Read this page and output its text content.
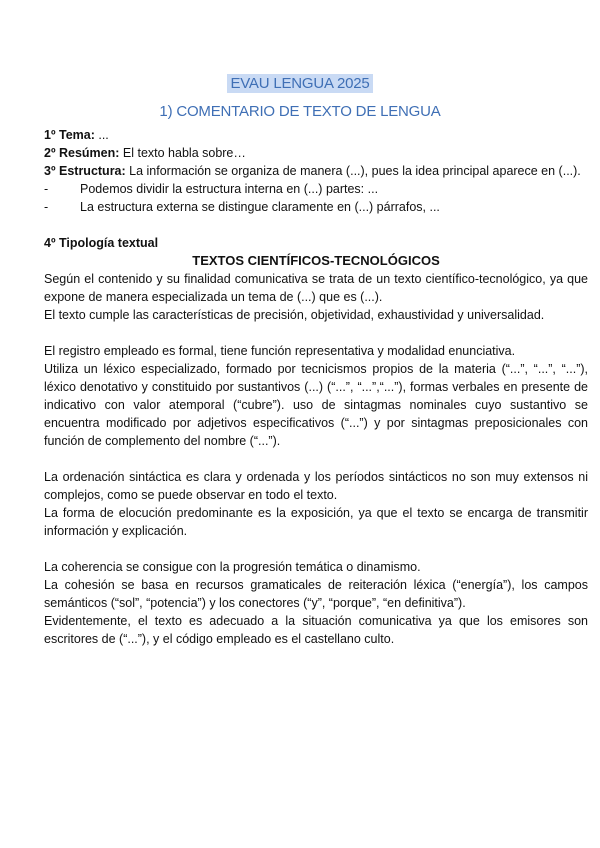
EVAU LENGUA 2025
1) COMENTARIO DE TEXTO DE LENGUA

1º Tema: ...

2º Resúmen: El texto habla sobre…

3º Estructura: La información se organiza de manera (...), pues la idea principal aparece en (...).

- Podemos dividir la estructura interna en (...) partes: ...

- La estructura externa se distingue claramente en (...) párrafos, ...

4º Tipología textual

TEXTOS CIENTÍFICOS-TECNOLÓGICOS

Según el contenido y su finalidad comunicativa se trata de un texto científico-tecnológico, ya que expone de manera especializada un tema de (...) que es (...).

El texto cumple las características de precisión, objetividad, exhaustividad y universalidad.

El registro empleado es formal, tiene función representativa y modalidad enunciativa.

Utiliza un léxico especializado, formado por tecnicismos propios de la materia (“...”, “...”, “...”), léxico denotativo y constituido por sustantivos (...) (“...”, “...”,“...”), formas verbales en presente de indicativo con valor atemporal (“cubre”). uso de sintagmas nominales cuyo sustantivo se encuentra modificado por adjetivos especificativos (“...”) y por sintagmas preposicionales con función de complemento del nombre (“...”).

La ordenación sintáctica es clara y ordenada y los períodos sintácticos no son muy extensos ni complejos, como se puede observar en todo el texto.

La forma de elocución predominante es la exposición, ya que el texto se encarga de transmitir información y explicación.

La coherencia se consigue con la progresión temática o dinamismo.

La cohesión se basa en recursos gramaticales de reiteración léxica (“energía”), los campos semánticos (“sol”, “potencia”) y los conectores (“y”, “porque”, “en definitiva”).

Evidentemente, el texto es adecuado a la situación comunicativa ya que los emisores son escritores de (“...”), y el código empleado es el castellano culto.
